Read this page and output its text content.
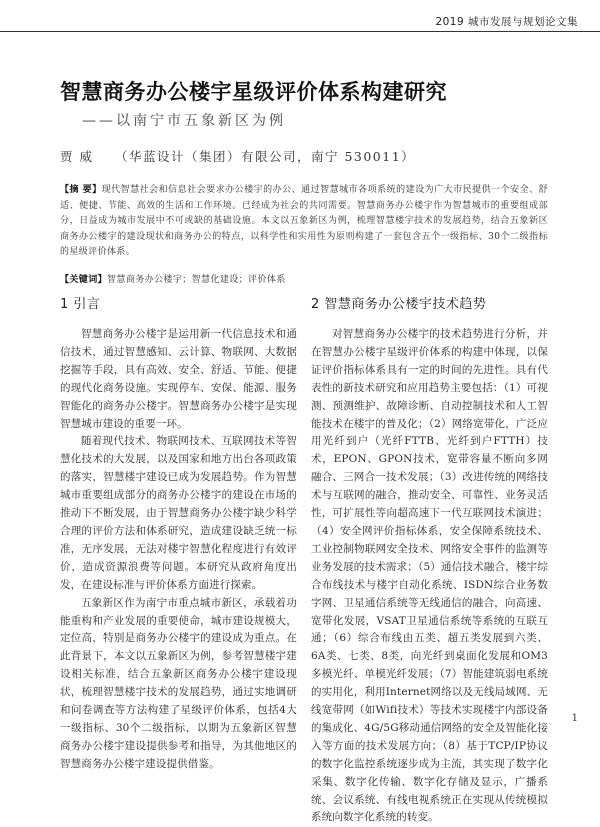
2019 城市发展与规划论文集
智慧商务办公楼宇星级评价体系构建研究
——以南宁市五象新区为例
贾 威 （华蓝设计（集团）有限公司，南宁 530011）
【摘 要】现代智慧社会和信息社会要求办公楼宇的办公、通过智慧城市各项系统的建设为广大市民提供一个安全、舒适、便捷、节能、高效的生活和工作环境。已经成为社会的共同需要。智慧商务办公楼宇作为智慧城市的重要组成部分，日益成为城市发展中不可或缺的基础设施。本文以五象新区为例，梳理智慧楼宇技术的发展趋势，结合五象新区商务办公楼宇的建设现状和商务办公的特点，以科学性和实用性为原则构建了一套包含五个一级指标、30个二级指标的星级评价体系。
【关键词】智慧商务办公楼宇；智慧化建设；评价体系
1 引言	2 智慧商务办公楼宇技术趋势

智慧商务办公楼宇是运用新一代信息技术和通信技术，通过智慧感知、云计算、物联网、大数据挖掘等手段，具有高效、安全、舒适、节能、便捷的现代化商务设施。实现停车、安保、能源、服务智能化的商务办公楼宇。智慧商务办公楼宇是实现智慧城市建设的重要一环。

随着现代技术、物联网技术、互联网技术等智慧化技术的大发展，以及国家和地方出台各项政策的落实，智慧楼宇建设已成为发展趋势。作为智慧城市重要组成部分的商务办公楼宇的建设在市场的推动下不断发展，由于智慧商务办公楼宇缺少科学合理的评价方法和体系研究，造成建设缺乏统一标准，无序发展，无法对楼宇智慧化程度进行有效评价，造成资源浪费等问题。本研究从政府角度出发，在建设标准与评价体系方面进行探索。

五象新区作为南宁市重点城市新区，承载着功能重构和产业发展的重要使命，城市建设规模大，定位高，特别是商务办公楼宇的建设成为重点。在此背景下，本文以五象新区为例，参考智慧楼宇建设相关标准，结合五象新区商务办公楼宇建设现状，梳理智慧楼宇技术的发展趋势，通过实地调研和问卷调查等方法构建了星级评价体系，包括4大一级指标、30个二级指标，以期为五象新区智慧商务办公楼宇建设提供参考和指导，为其他地区的智慧商务办公楼宇建设提供借鉴。

对智慧商务办公楼宇的技术趋势进行分析，并在智慧办公楼宇星级评价体系的构建中体现，以保证评价指标体系具有一定的时间的先进性。具有代表性的新技术研究和应用趋势主要包括：（1）可视测、预测维护、故障诊断、自动控制技术和人工智能技术在楼宇的普及化；（2）网络宽带化，广泛应用光纤到户（光纤FTTB、光纤到户FTTH）技术，EPON、GPON技术，宽带容量不断向多网融合、三网合一技术发展；（3）改进传统的网络技术与互联网的融合，推动安全、可靠性、业务灵活性，可扩展性等向超高速下一代互联网技术演进；（4）安全网评价指标体系，安全保障系统技术、工业控制物联网安全技术、网络安全事件的监测等业务发展的技术需求；（5）通信技术融合，楼宇综合布线技术与楼宇自动化系统、ISDN综合业务数字网、卫星通信系统等无线通信的融合，向高速、宽带化发展，VSAT卫星通信系统等系统的互联互通；（6）综合布线由五类、超五类发展到六类、6A类、七类、8类，向光纤到桌面化发展和OM3多模光纤、单模光纤发展；（7）智能建筑弱电系统的实用化，利用Internet网络以及无线局域网、无线宽带网（如Wifi技术）等技术实现楼宇内部设备的集成化、4G/5G移动通信网络的安全及智能化接入等方面的技术发展方向；（8）基于TCP/IP协议的数字化监控系统逐步成为主流，其实现了数字化采集、数字化传输、数字化存储及显示，广播系统、会议系统、有线电视系统正在实现从传统模拟系统向数字化系统的转变。

1
